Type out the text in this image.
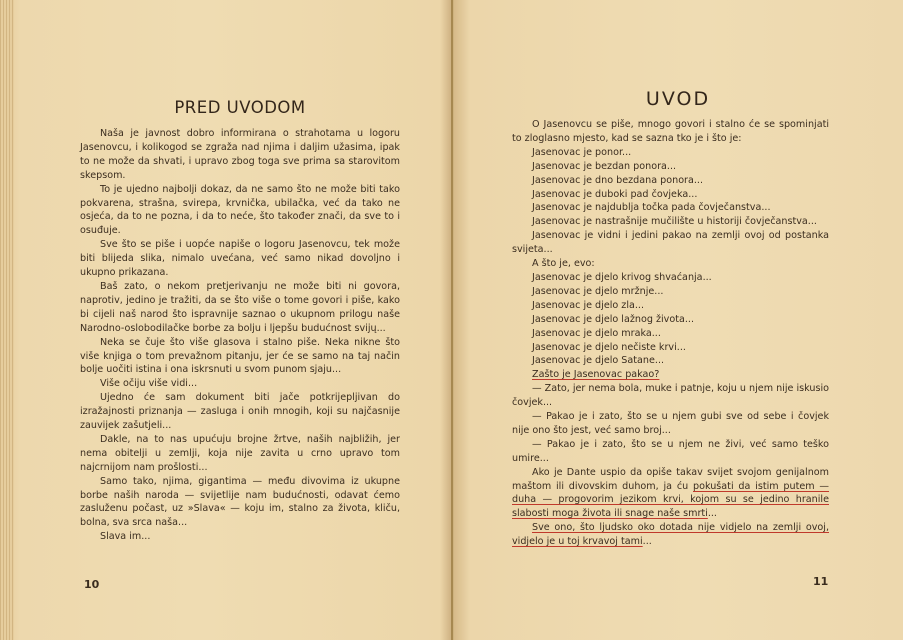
PRED UVODOM

Naša je javnost dobro informirana o strahotama u logoru Jasenovcu, i kolikogod se zgraža nad njima i daljim užasima, ipak to ne može da shvati, i upravo zbog toga sve prima sa starovitom skepsom.

To je ujedno najbolji dokaz, da ne samo što ne može biti tako pokvarena, strašna, svirepa, krvnička, ubilačka, već da tako ne osjeća, da to ne pozna, i da to neće, što također znači, da sve to i osuđuje.

Sve što se piše i uopće napiše o logoru Jasenovcu, tek može biti blijeda slika, nimalo uvećana, već samo nikad dovoljno i ukupno prikazana.

Baš zato, o nekom pretjerivanju ne može biti ni govora, naprotiv, jedino je tražiti, da se što više o tome govori i piše, kako bi cijeli naš narod što ispravnije saznao o ukupnom prilogu naše Narodno-oslobodilačke borbe za bolju i ljepšu budućnost svijų...

Neka se čuje što više glasova i stalno piše. Neka nikne što više knjiga o tom prevažnom pitanju, jer će se samo na taj način bolje uočiti istina i ona iskrsnuti u svom punom sjaju...

Više očiju više vidi...

Ujedno će sam dokument biti jače potkrijepljivan do izražajnosti priznanja — zasluga i onih mnogih, koji su najčasnije zauvijek zašutjeli...

Dakle, na to nas upućuju brojne žrtve, naših najbližih, jer nema obitelji u zemlji, koja nije zavita u crno upravo tom najcrnijom nam prošlosti...

Samo tako, njima, gigantima — među divovima iz ukupne borbe naših naroda — svijetlije nam budućnosti, odavat ćemo zasluženu počast, uz »Slava« — koju im, stalno za života, kliču, bolna, sva srca naša...

Slava im...

10
UVOD

O Jasenovcu se piše, mnogo govori i stalno će se spominjati to zloglasno mjesto, kad se sazna tko je i što je:

Jasenovac je ponor...

Jasenovac je bezdan ponora...

Jasenovac je dno bezdana ponora...

Jasenovac je duboki pad čovjeka...

Jasenovac je najdublja točka pada čovječanstva...

Jasenovac je nastrašnije mučilište u historiji čovječanstva...

Jasenovac je vidni i jedini pakao na zemlji ovoj od postanka svijeta...

A što je, evo:

Jasenovac je djelo krivog shvaćanja...

Jasenovac je djelo mržnje...

Jasenovac je djelo zla...

Jasenovac je djelo lažnog života...

Jasenovac je djelo mraka...

Jasenovac je djelo nečiste krvi...

Jasenovac je djelo Satane...

Zašto je Jasenovac pakao?

— Zato, jer nema bola, muke i patnje, koju u njem nije iskusio čovjek...

— Pakao je i zato, što se u njem gubi sve od sebe i čovjek nije ono što jest, već samo broj...

— Pakao je i zato, što se u njem ne živi, već samo teško umire...

Ako je Dante uspio da opiše takav svijet svojom genijalnom maštom ili divovskim duhom, ja ću pokušati da istim putem — duha — progovorim jezikom krvi, kojom su se jedino hranile slabosti moga života ili snage naše smrti...

Sve ono, što ljudsko oko dotada nije vidjelo na zemlji ovoj, vidjelo je u toj krvavoj tami...

11
